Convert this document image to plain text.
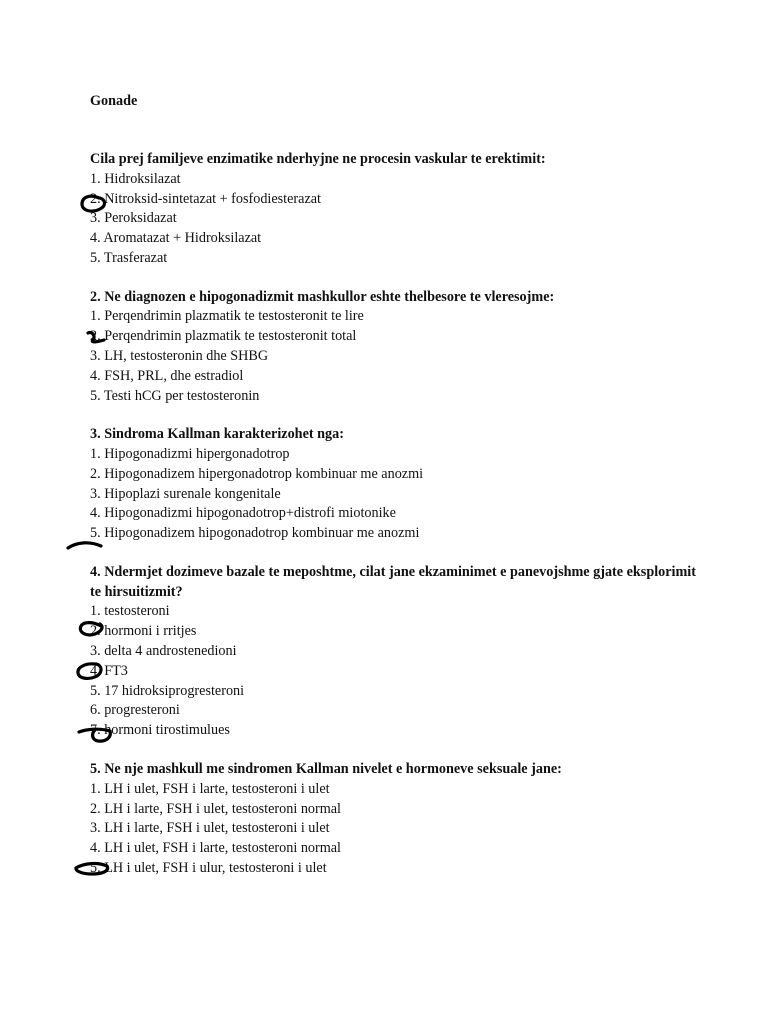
Gonade

Cila prej familjeve enzimatike nderhyjne ne procesin vaskular te erektimit:

1. Hidroksilazat

2. Nitroksid-sintetazat + fosfodiesterazat

3. Peroksidazat

4. Aromatazat + Hidroksilazat

5. Trasferazat

2. Ne diagnozen e hipogonadizmit mashkullor eshte thelbesore te vleresojme:

1. Perqendrimin plazmatik te testosteronit te lire

2. Perqendrimin plazmatik te testosteronit total

3. LH, testosteronin dhe SHBG

4. FSH, PRL, dhe estradiol

5. Testi hCG per testosteronin

3. Sindroma Kallman karakterizohet nga:

1. Hipogonadizmi hipergonadotrop

2. Hipogonadizem hipergonadotrop kombinuar me anozmi

3. Hipoplazi surenale kongenitale

4. Hipogonadizmi hipogonadotrop+distrofi miotonike

5. Hipogonadizem hipogonadotrop kombinuar me anozmi

4. Ndermjet dozimeve bazale te meposhtme, cilat jane ekzaminimet e panevojshme gjate eksplorimit te hirsuitizmit?

1. testosteroni

2. hormoni i rritjes

3. delta 4 androstenedioni

4. FT3

5. 17 hidroksiprogresteroni

6. progresteroni

7. hormoni tirostimulues

5. Ne nje mashkull me sindromen Kallman nivelet e hormoneve seksuale jane:

1. LH i ulet, FSH i larte, testosteroni i ulet

2. LH i larte, FSH i ulet, testosteroni normal

3. LH i larte, FSH i ulet, testosteroni i ulet

4. LH i ulet, FSH i larte, testosteroni normal

5. LH i ulet, FSH i ulur, testosteroni i ulet
